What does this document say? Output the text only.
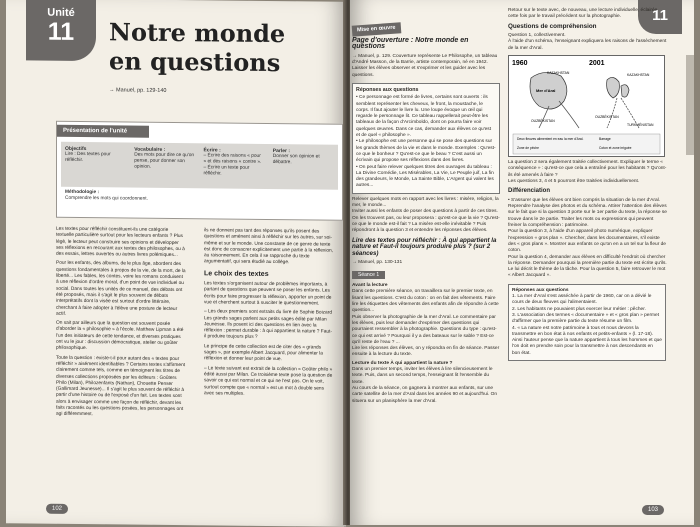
Unité
11	Notre monde
en questions
→ Manuel, pp. 129-140
Présentation de l'unité
Objectifs
Lire : Des textes pour réfléchir.
Vocabulaire :
Des mots pour dire ce qu'on pense, pour donner son opinion.
Écrire :
– Écrire des raisons « pour » et des raisons « contre ». – Écrire un texte pour réfléchir.
Parler :
Donner son opinion et débattre.
Méthodologie :
Comprendre les mots qui coordonnent.

Les textes pour réfléchir constituent-ils une catégorie textuelle particulière surtout pour les lecteurs enfants ? Plus lègè, le lecteur peut construire ses opinions et développer ses réflexions en recourant aux textes des philosophes, ou à des essais, lettres ouvertes ou autres livres polémiques...

Pour les enfants, des albums, de le plus âge, abordent des questions fondamentales à propos de la vie, de la mort, de la liberté... Les fables, les contes, voire les romans conduisent à une réflexion d'ordre moral, d'un point de vue individuel ou social. Dans toutes les unités de ce manuel, des débats ont été proposés, mais il s'agit le plus souvent de débats interprétatifs dont la visée est surtout d'ordre littéraire, cherchant à faire adopter à l'élève une posture de lecteur actif.

On sait par ailleurs que la question est souvent posée d'aborder la « philosophie » à l'école. Matthew Lipman a été l'un des initiateurs de cette tendance, et diverses pratiques ont vu le jour : discussion démocratique, atelier ou goûter philosophique.

Toute la question : existe-t-il pour autant des « textes pour réfléchir » aisément identifiables ? Certains textes s'affirment clairement comme tels, comme en témoignent les titres de diverses collections proposées par les éditeurs : Goûters Philo (Milan), Philozenfants (Nathan), Chouette Penser (Gallimard Jeunesse)... Il s'agit le plus souvent de réfléchir à partir d'une histoire ou de l'exposé d'un fait. Les textes sont alors à envisager comme une façon de réfléchir, devant les faits racontés ou les questions posées, les personnages ont agi différemment.

ils ne donnent pas tant des réponses qu'ils posent des questions et amènent ainsi à réfléchir sur les autres, sur soi-même et sur le monde. Une constante de ce genre de texte est donc de consacrer explicitement une partie à la réflexion, au raisonnement. En cela il se rapproche du texte argumentatif, qui sera étudié au collège.

Le choix des textes

Les textes s'organisent autour de problèmes importants, à partant de questions que peuvent se poser les enfants. Les écrits pour faire progresser la réflexion, apporter un point de vue et cherchent surtout à susciter le questionnement.

– Les deux premiers sont extraits du livre de Sophie Boizard Les grands sages parlent aux petits sages édité par Milan Jeunesse. Ils posent ici des questions en lien avec la réflexion : permet durable : à qui appartient la nature ? Faut-il produire toujours plus ?

Le principe de cette collection est de citer des « grands sages », par exemple Albert Jacquard, pour alimenter la réflexion et donner leur point de vue.

– Le texte suivant est extrait de la collection « Goûter philo » édité aussi par Milan. Ce troisième texte pose la question de savoir ce qui est normal et ce qui ne l'est pas. On le voit, surtout compte que « normal » est un mot à double sens avec ses multiples.

102
11
Mise en œuvre
Page d'ouverture : Notre monde en questions
→ Manuel, p. 129. Couverture représente Le Philosophe, un tableau d'André Masson, de la Barrie, artiste contemporain, né en 1942. Laisser les élèves observer et s'exprimer et les guider avec les questions.
Réponses aux questions
• Ce personnage est formé de livres, certains sont ouverts : ils semblent représenter les cheveux, le front, la moustache, le corps. Il faut ajouter le livre lu. Une loupe évoque un œil qui regarde le personnage lit. Ce tableau rappellerait peut-être les tableaux de la façon d'Arcimboldo, dont on pourra faire voir quelques œuvres. Dans ce cas, demander aux élèves ce qu'est et de quel « philosophe ».
• Le philosophe est une personne qui se pose des questions sur les grands thèmes de la vie et dans le monde. Exemples : Qu'est-ce que le bonheur ? Qu'est-ce que le beau ? C'est aussi un écrivain qui propose ses réflexions dans des livres.
• On peut faire relever quelques titres des ouvrages du tableau : La Divine Comédie, Les Misérables, La Vie, Le Peuple juif, La fin des grandeurs, le Monde, La Sainte Bible, L'Argent qui valent les autres...
Relever quelques mots en rapport avec les livres : misère, religion, la mer, le monde...
Inviter aussi les enfants de poser des questions à partir de ces titres. On les trouvent pas, ou leur proposera : qu'est-ce que la vie ? Qu'est-ce que le monde est-il fait ? La misère est-elle inévitable ? Puis répondront à la question 3 et entendre les réponses des élèves.
Lire des textes pour réfléchir : À qui appartient la nature et Faut-il toujours produire plus ? (sur 2 séances)
→ Manuel, pp. 130-131
Séance 1
Avant la lecture
Dans cette première séance, on travaillera sur le premier texte, en lisant les questions. C'est du coton : on en fait des vêtements. Faire lire les étiquettes des vêtements des enfants afin de répondre à cette question...
Puis observer la photographie de la mer d'Aral. Le commentaire par les élèves, puis leur demander d'exprimer des questions qui pourraient ressembler à la photographie. Questions du type : qu'est-ce qui est arrivé ? Pourquoi il y a des bateaux sur le sable ? Est-ce qu'il reste de l'eau ? ...
Lire les réponses des élèves, on y répondra en fin de séance. Passer ensuite à la lecture du texte.
Lecture du texte À qui appartient la nature ?
Dans un premier temps, inviter les élèves à lire silencieusement le texte. Puis, dans un second temps, l'enseignant lit l'ensemble du texte.
Au cours de la séance, on gagnera à montrer aux enfants, sur une carte satellite de la mer d'Aral dans les années 90 et aujourd'hui. On situera sur un planisphère la mer d'Aral.
Retour sur le texte avec, de nouveau, une lecture individuelle, éclairée cette fois par le travail précédent sur la photographie.
Questions de compréhension
Question 1, collectivement.
À l'aide d'un schéma, l'enseignant expliquera les raisons de l'assèchement de la mer d'Aral.
1960	2001
KAZAKHSTAN
Mer d'Aral
OUZBÉKISTAN
KAZAKHSTAN
OUZBÉKISTAN
TURKMÉNISTAN
Deux fleuves alimentent en eau la mer d'Aral.	Barrage
Zone de pêche	Coton et zone irriguée
La question 2 sera également traitée collectivement. Expliquer le terme « conséquence » : qu'est-ce que cela a entraîné pour les habitants ? Qu'ont-ils été amenés à faire ?
Les questions 3, 4 et 5 pourront être traitées individuellement.
Différenciation
• S'assurer que les élèves ont bien compris la situation de la mer d'Aral. Reprendre l'analyse des photos et du schéma. Attirer l'attention des élèves sur le fait que si la question 3 porte sur le 1er partie du texte, la réponse se trouve dans le 2e partie. Traiter les mots ou expressions qui peuvent freiner la compréhension : patrimoine.
Pour la question 3, à l'aide d'un appareil photo numérique, expliquer l'expression « gros plan ». Chercher, dans les documentaires, s'il existe des « gros plans ». Montrer aux enfants ce qu'on en a un tel sur la fleur de coton.
Pour la question 4, demander aux élèves en difficulté l'endroit où chercher la réponse. Demander pourquoi la première partie du texte est écrite qu'ils. Le lui décrit le thème de la tâche. Pour la question 5, faire retrouver le mot « Albert Jacquard ».
Réponses aux questions
1. La mer d'Aral s'est asséchée à partir de 1960, car on a dévié le cours de deux fleuves qui l'alimentaient.
2. Les habitants ne pouvaient plus exercer leur métier : pêcher.
3. L'association des termes « documentaire » et « gros plan » permet d'affirmer que la première partie du texte résume un film.
4. « La nature est notre patrimoine à tous et nous devons la transmettre en bon état à nos enfants et petits-enfants » (l. 17-18). Ainsi l'auteur pense que la nature appartient à tous les hommes et que l'on doit en prendre soin pour la transmettre à nos descendants en bon état.
103
